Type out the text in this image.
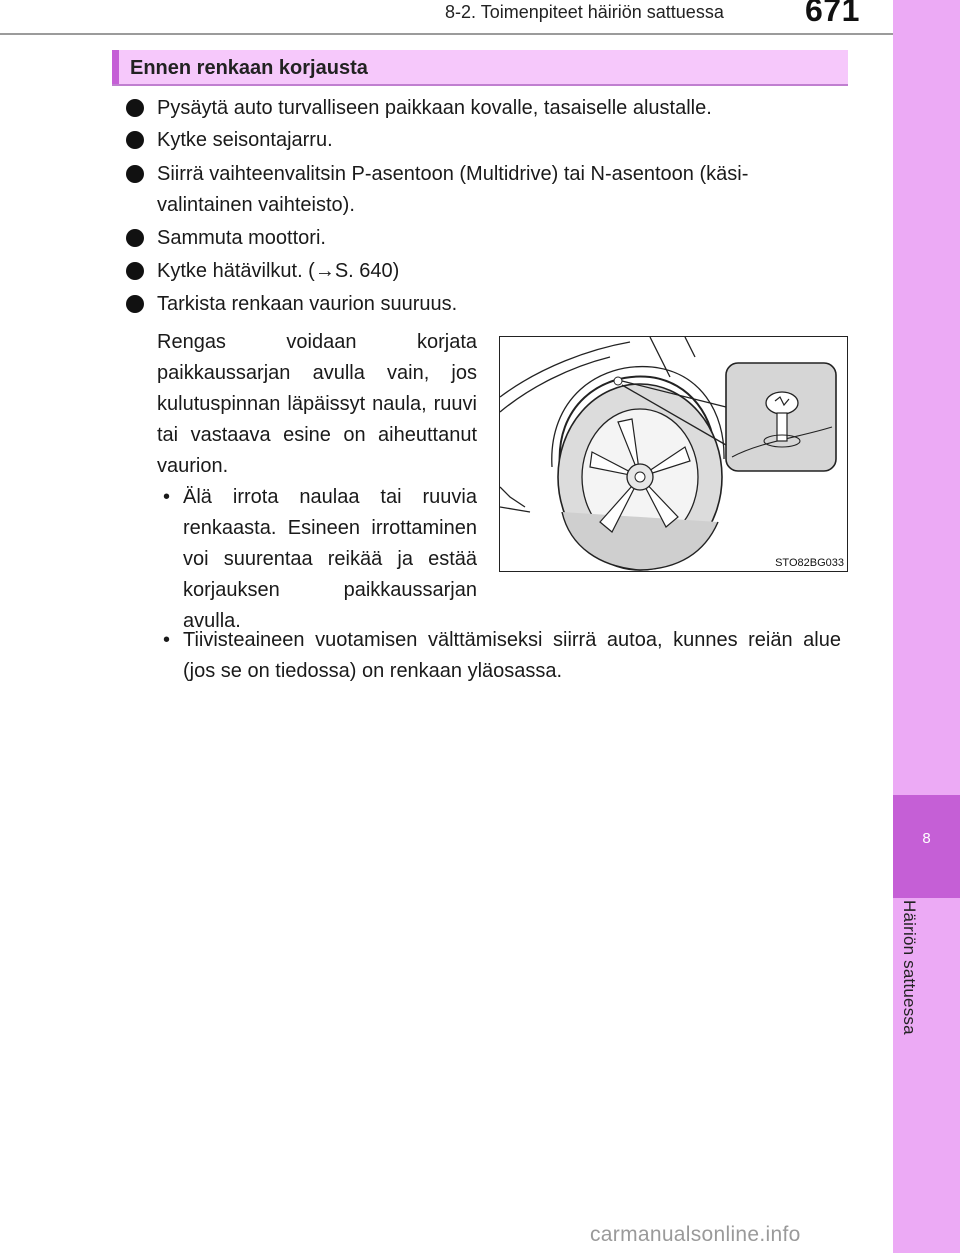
8
Häiriön sattuessa
8-2. Toimenpiteet häiriön sattuessa	671
Ennen renkaan korjausta
Pysäytä auto turvalliseen paikkaan kovalle, tasaiselle alustalle.
Kytke seisontajarru.
Siirrä vaihteenvalitsin P-asentoon (Multidrive) tai N-asentoon (käsi-
valintainen vaihteisto).
Sammuta moottori.
Kytke hätävilkut. (→S. 640)
Tarkista renkaan vaurion suuruus.
Rengas voidaan korjata paikkaussarjan avulla vain, jos kulutuspinnan läpäissyt naula, ruuvi tai vastaava esine on aiheuttanut vaurion.
• Älä irrota naulaa tai ruuvia renkaasta. Esineen irrottaminen voi suurentaa reikää ja estää korjauksen paikkaussarjan avulla.
• Tiivisteaineen vuotamisen välttämiseksi siirrä autoa, kunnes reiän alue (jos se on tiedossa) on renkaan yläosassa.
STO82BG033
carmanualsonline.info
